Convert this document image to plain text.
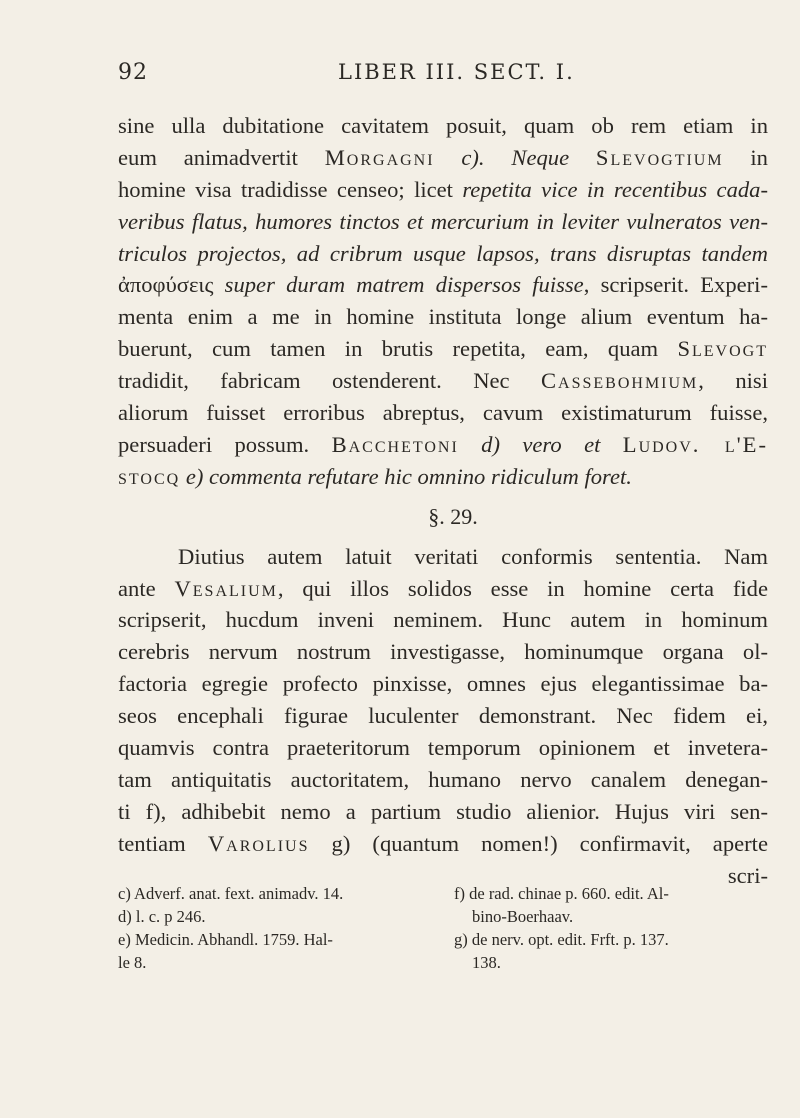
92	LIBER III. SECT. I.
sine ulla dubitatione cavitatem posuit, quam ob rem etiam in
eum animadvertit Morgagni c). Neque Slevogtium in
homine visa tradidisse censeo; licet repetita vice in recentibus cada-
veribus flatus, humores tinctos et mercurium in leviter vulneratos ven-
triculos projectos, ad cribrum usque lapsos, trans disruptas tandem
ἀποφύσεις super duram matrem dispersos fuisse, scripserit. Experi-
menta enim a me in homine instituta longe alium eventum ha-
buerunt, cum tamen in brutis repetita, eam, quam Slevogt
tradidit, fabricam ostenderent. Nec Cassebohmium, nisi
aliorum fuisset erroribus abreptus, cavum existimaturum fuisse,
persuaderi possum. Bacchetoni d) vero et Ludov. l'E-
stocq e) commenta refutare hic omnino ridiculum foret.
§. 29.
Diutius autem latuit veritati conformis sententia. Nam
ante Vesalium, qui illos solidos esse in homine certa fide
scripserit, hucdum inveni neminem. Hunc autem in hominum
cerebris nervum nostrum investigasse, hominumque organa ol-
factoria egregie profecto pinxisse, omnes ejus elegantissimae ba-
seos encephali figurae luculenter demonstrant. Nec fidem ei,
quamvis contra praeteritorum temporum opinionem et invetera-
tam antiquitatis auctoritatem, humano nervo canalem denegan-
ti f), adhibebit nemo a partium studio alienior. Hujus viri sen-
tentiam Varolius g) (quantum nomen!) confirmavit, aperte
scri-
c) Adverf. anat. fext. animadv. 14.
d) l. c. p 246.
e) Medicin. Abhandl. 1759. Hal-
le 8.
f) de rad. chinae p. 660. edit. Al-
bino-Boerhaav.
g) de nerv. opt. edit. Frft. p. 137.
138.
